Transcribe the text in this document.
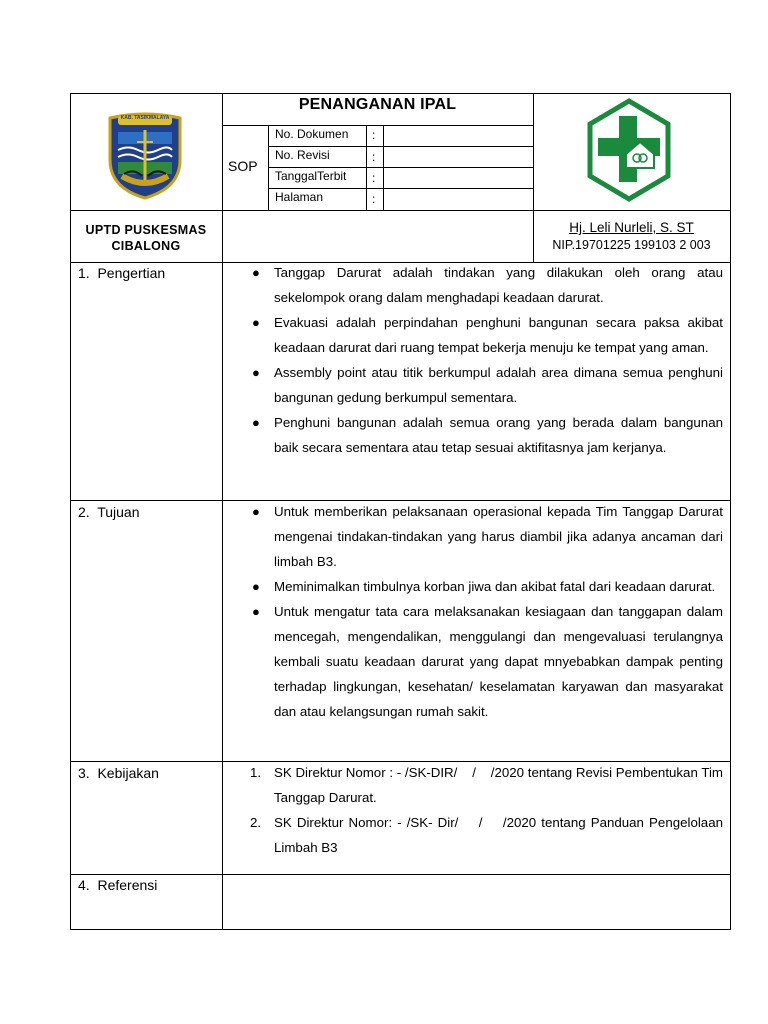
KAB. TASIKMALAYA
PENANGANAN IPAL
SOP
No. Dokumen :
No. Revisi	:
TanggalTerbit :
Halaman	:
UPTD PUSKESMAS
CIBALONG
Hj. Leli Nurleli, S. ST
NIP.19701225 199103 2 003
1.  Pengertian	● Tanggap Darurat adalah tindakan yang dilakukan oleh orang atau sekelompok orang dalam menghadapi keadaan darurat.
● Evakuasi adalah perpindahan penghuni bangunan secara paksa akibat keadaan darurat dari ruang tempat bekerja menuju ke tempat yang aman.
● Assembly point atau titik berkumpul adalah area dimana semua penghuni bangunan gedung berkumpul sementara.
● Penghuni bangunan adalah semua orang yang berada dalam bangunan baik secara sementara atau tetap sesuai aktifitasnya jam kerjanya.
2.  Tujuan	● Untuk memberikan pelaksanaan operasional kepada Tim Tanggap Darurat mengenai tindakan-tindakan yang harus diambil jika adanya ancaman dari limbah B3.
● Meminimalkan timbulnya korban jiwa dan akibat fatal dari keadaan darurat.
● Untuk mengatur tata cara melaksanakan kesiagaan dan tanggapan dalam mencegah, mengendalikan, menggulangi dan mengevaluasi terulangnya kembali suatu keadaan darurat yang dapat mnyebabkan dampak penting terhadap lingkungan, kesehatan/ keselamatan karyawan dan masyarakat dan atau kelangsungan rumah sakit.
3.  Kebijakan	1. SK Direktur Nomor : - /SK-DIR/    /    /2020 tentang Revisi Pembentukan Tim Tanggap Darurat.
2. SK Direktur Nomor: - /SK- Dir/    /    /2020 tentang Panduan Pengelolaan Limbah B3
4.  Referensi
